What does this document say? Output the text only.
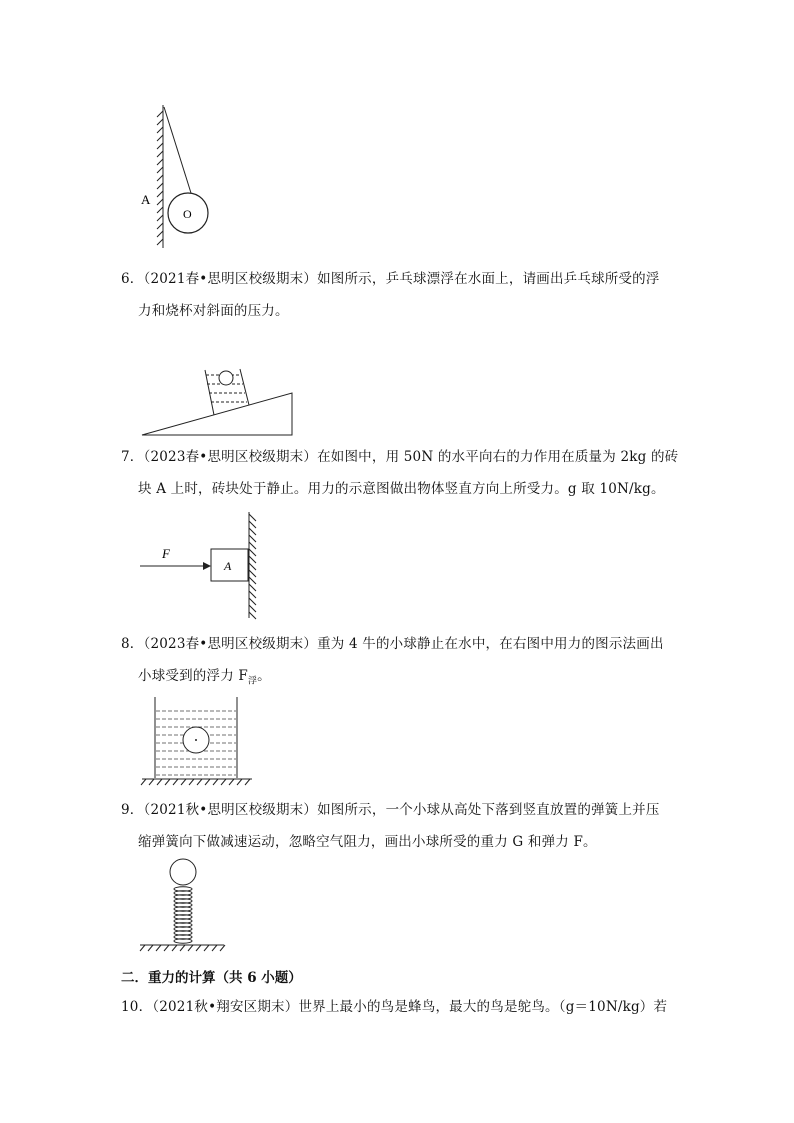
A
O
6．（2021春•思明区校级期末）如图所示，乒乓球漂浮在水面上，请画出乒乓球所受的浮
力和烧杯对斜面的压力。
7．（2023春•思明区校级期末）在如图中，用 50N 的水平向右的力作用在质量为 2kg 的砖
块 A 上时，砖块处于静止。用力的示意图做出物体竖直方向上所受力。g 取 10N/kg。
F
A
8．（2023春•思明区校级期末）重为 4 牛的小球静止在水中，在右图中用力的图示法画出
小球受到的浮力 $F_浮$。
9．（2021秋•思明区校级期末）如图所示，一个小球从高处下落到竖直放置的弹簧上并压
缩弹簧向下做减速运动，忽略空气阻力，画出小球所受的重力 G 和弹力 F。
二．重力的计算（共 6 小题）
10．（2021秋•翔安区期末）世界上最小的鸟是蜂鸟，最大的鸟是鸵鸟。（g＝10N/kg）若
